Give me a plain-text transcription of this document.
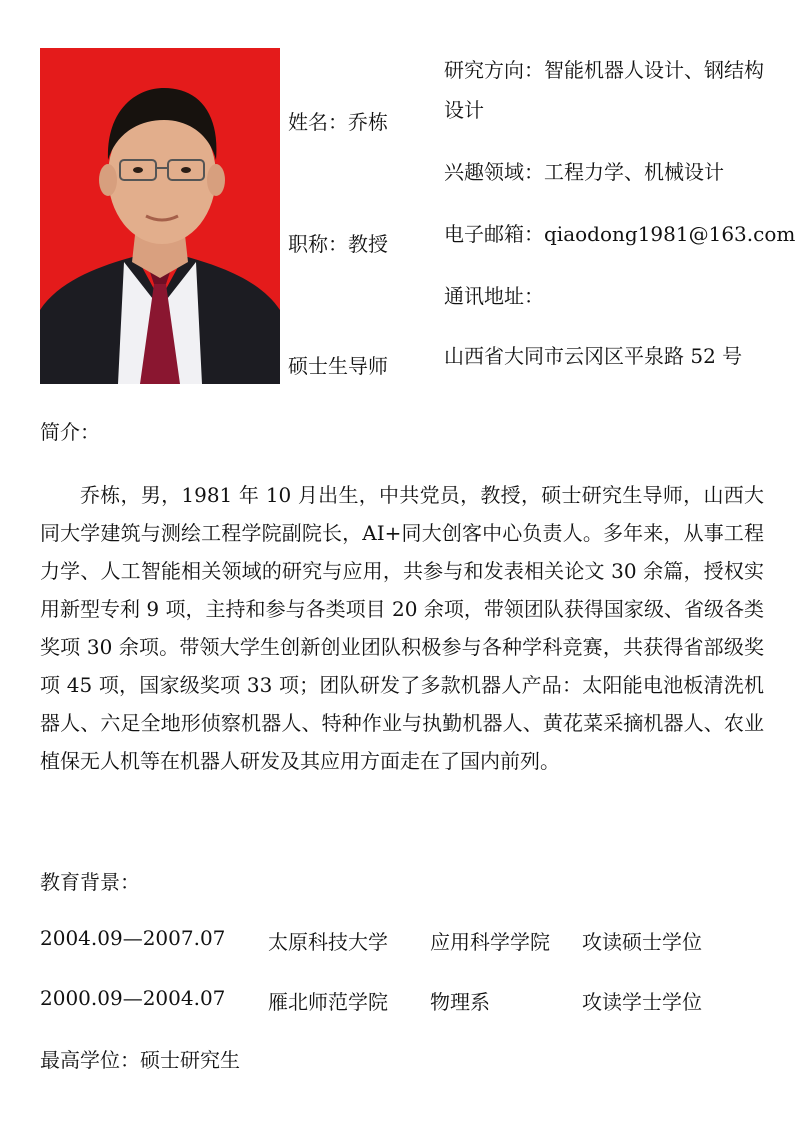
姓名：乔栋
职称：教授
硕士生导师
研究方向：智能机器人设计、钢结构设计
兴趣领域：工程力学、机械设计
电子邮箱：qiaodong1981@163.com
通讯地址：
山西省大同市云冈区平泉路 52 号
简介：
乔栋，男，1981 年 10 月出生，中共党员，教授，硕士研究生导师，山西大同大学建筑与测绘工程学院副院长，AI+同大创客中心负责人。多年来，从事工程力学、人工智能相关领域的研究与应用，共参与和发表相关论文 30 余篇，授权实用新型专利 9 项，主持和参与各类项目 20 余项，带领团队获得国家级、省级各类奖项 30 余项。带领大学生创新创业团队积极参与各种学科竞赛，共获得省部级奖项 45 项，国家级奖项 33 项；团队研发了多款机器人产品：太阳能电池板清洗机器人、六足全地形侦察机器人、特种作业与执勤机器人、黄花菜采摘机器人、农业植保无人机等在机器人研发及其应用方面走在了国内前列。
教育背景：
2004.09—2007.07 太原科技大学 应用科学学院 攻读硕士学位
2000.09—2004.07 雁北师范学院 物理系	攻读学士学位
最高学位：硕士研究生
